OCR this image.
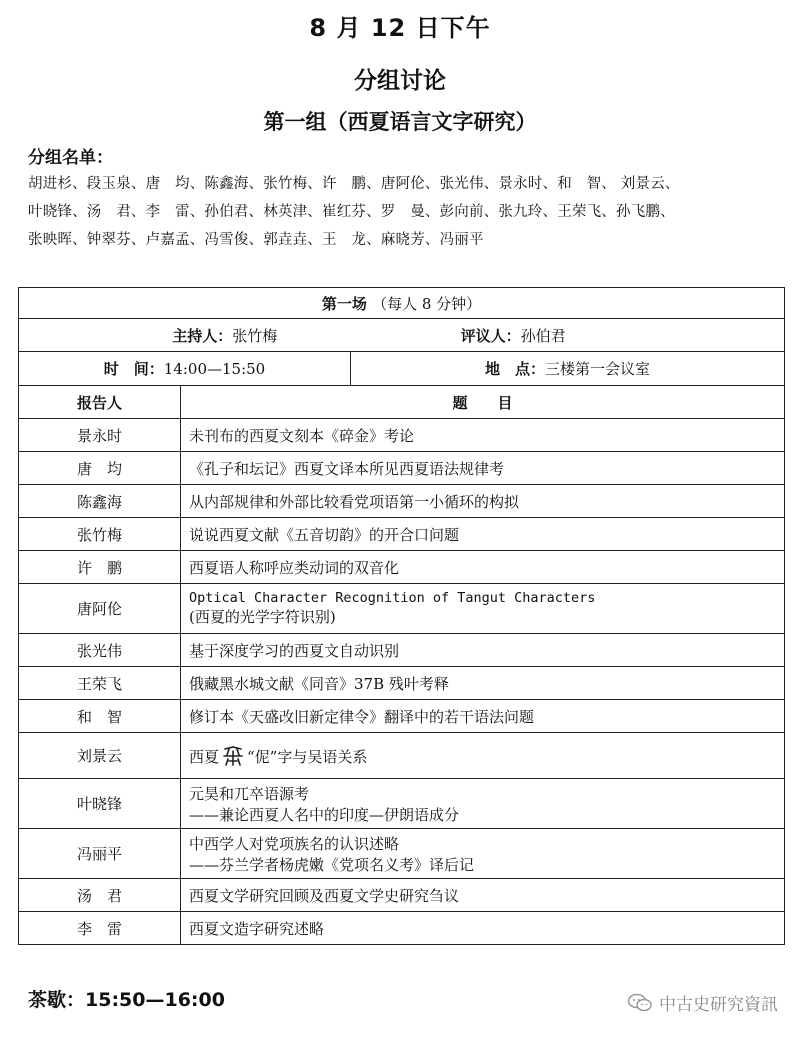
8 月 12 日下午
分组讨论
第一组（西夏语言文字研究）
分组名单：
胡进杉、段玉泉、唐　均、陈鑫海、张竹梅、许　鹏、唐阿伦、张光伟、景永时、和　智、 刘景云、
叶晓锋、汤　君、李　雷、孙伯君、林英津、崔红芬、罗　曼、彭向前、张九玲、王荣飞、孙飞鹏、
张映晖、钟翠芬、卢嘉孟、冯雪俊、郭垚垚、王　龙、麻晓芳、冯丽平
第一场 （每人 8 分钟）		

主持人：张竹梅 评议人：孙伯君		

时　间：14:00—15:50		地　点：三楼第一会议室
报告人	题　　目	
景永时	未刊布的西夏文刻本《碎金》考论	
唐　均	《孔子和坛记》西夏文译本所见西夏语法规律考	
陈鑫海	从内部规律和外部比较看党项语第一小循环的构拟	
张竹梅	说说西夏文献《五音切韵》的开合口问题	
许　鹏	西夏语人称呼应类动词的双音化	
唐阿伦	Optical Character Recognition of Tangut Characters
(西夏的光学字符识别)	

张光伟	基于深度学习的西夏文自动识别	
王荣飞	俄藏黑水城文献《同音》37B 残叶考释	
和　智	修订本《天盛改旧新定律令》翻译中的若干语法问题	
刘景云	西夏 “伲”字与吴语关系	
叶晓锋	元昊和兀卒语源考
——兼论西夏人名中的印度—伊朗语成分	

冯丽平	中西学人对党项族名的认识述略
——芬兰学者杨虎嫩《党项名义考》译后记	

汤　君	西夏文学研究回顾及西夏文学史研究刍议	
李　雷	西夏文造字研究述略	
茶歇：15:50—16:00	中古史研究資訊
